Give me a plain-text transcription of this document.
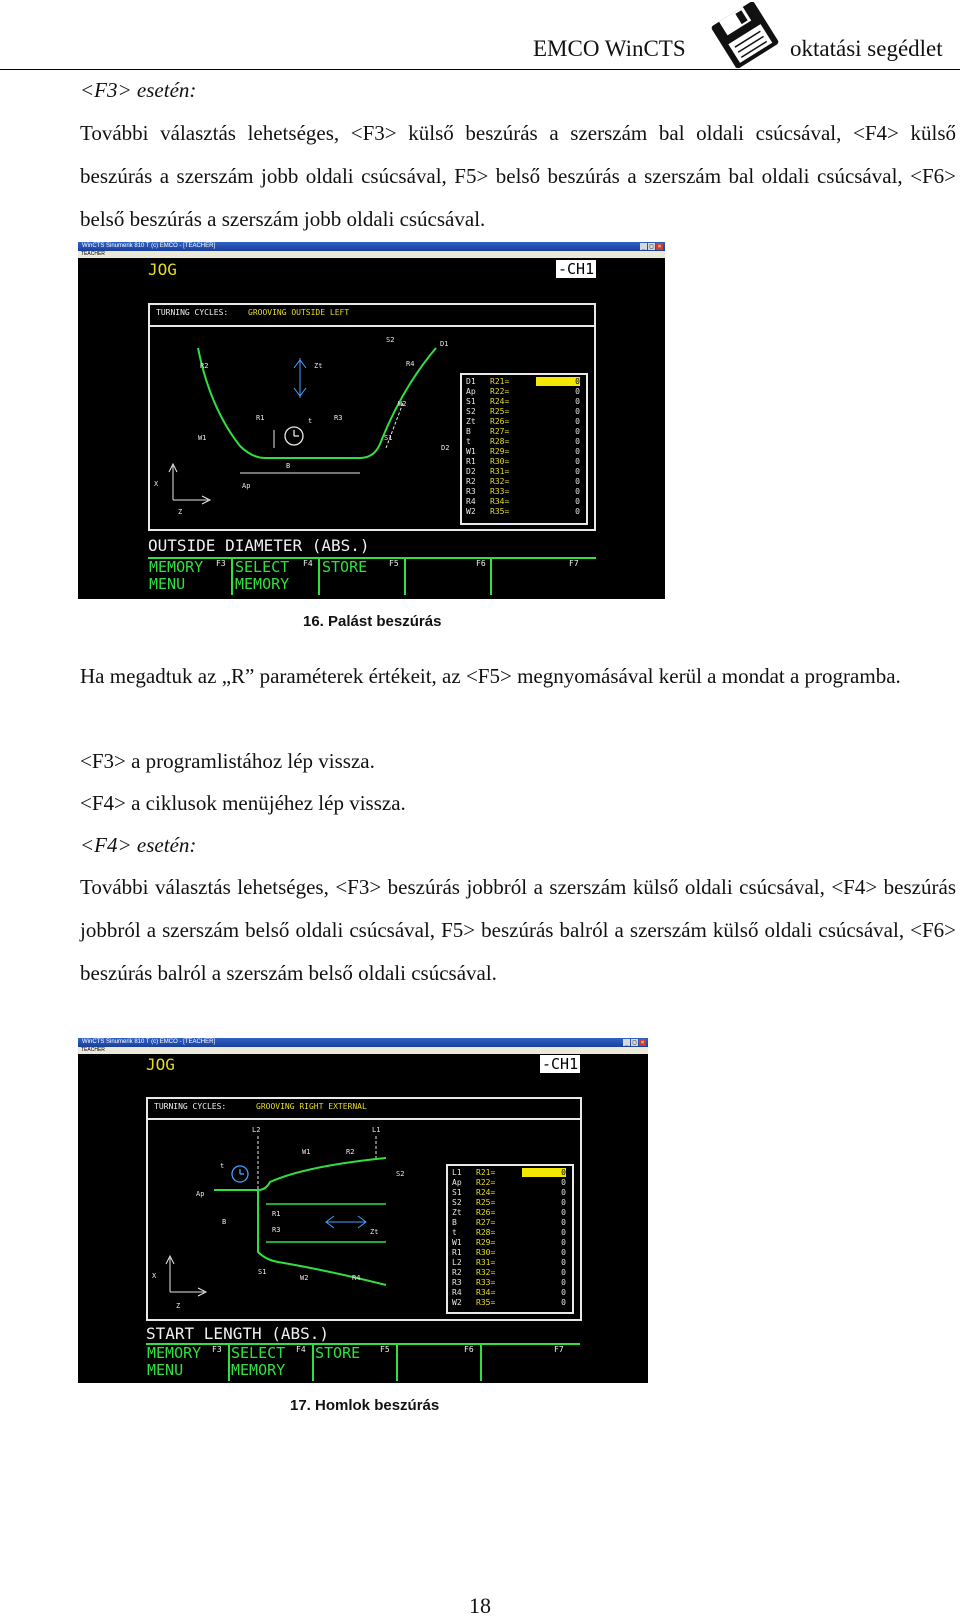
EMCO WinCTS	oktatási segédlet

<F3> esetén:

További választás lehetséges, <F3> külső beszúrás a szerszám bal oldali csúcsával, <F4> külső beszúrás a szerszám jobb oldali csúcsával, F5> belső beszúrás a szerszám bal oldali csúcsával, <F6> belső beszúrás a szerszám jobb oldali csúcsával.

WinCTS Sinumerik 810 T (c) EMCO - [TEACHER]	_ □ ×
TEACHER
JOG	-CH1
TURNING CYCLES: GROOVING OUTSIDE LEFT
S2	D1
R2	Zt	R4
W2
R1	t	R3
W1	S1
D2
B
Ap
X
Z
D1 R21=	0
Ap R22=	0
S1 R24=	0
S2 R25=	0
Zt R26=	0
B R27=	0
t R28=	0
W1 R29=	0
R1 R30=	0
D2 R31=	0
R2 R32=	0
R3 R33=	0
R4 R34=	0
W2 R35=	0
OUTSIDE DIAMETER (ABS.)
MEMORY
MENU
F3 SELECT
MEMORY
F4 STORE	F5	F6	F7
16. Palást beszúrás

Ha megadtuk az „R” paraméterek értékeit, az <F5> megnyomásával kerül a mondat a programba.

<F3> a programlistához lép vissza.

<F4> a ciklusok menüjéhez lép vissza.

<F4> esetén:

További választás lehetséges, <F3> beszúrás jobbról a szerszám külső oldali csúcsával, <F4> beszúrás jobbról a szerszám belső oldali csúcsával, F5> beszúrás balról a szerszám külső oldali csúcsával, <F6> beszúrás balról a szerszám belső oldali csúcsával.

WinCTS Sinumerik 810 T (c) EMCO - [TEACHER]	_ □ ×
TEACHER
JOG	-CH1
TURNING CYCLES:	GROOVING RIGHT EXTERNAL
L2	L1
W1	R2
t
S2
Ap
R1
B
R3	Zt
S1
W2	R4
X
Z
L1 R21=	0
Ap R22=	0
S1 R24=	0
S2 R25=	0
Zt R26=	0
B R27=	0
t R28=	0
W1 R29=	0
R1 R30=	0
L2 R31=	0
R2 R32=	0
R3 R33=	0
R4 R34=	0
W2 R35=	0
START LENGTH (ABS.)
MEMORY
MENU
F3 SELECT
MEMORY
F4 STORE F5	F6	F7
17. Homlok beszúrás
18
